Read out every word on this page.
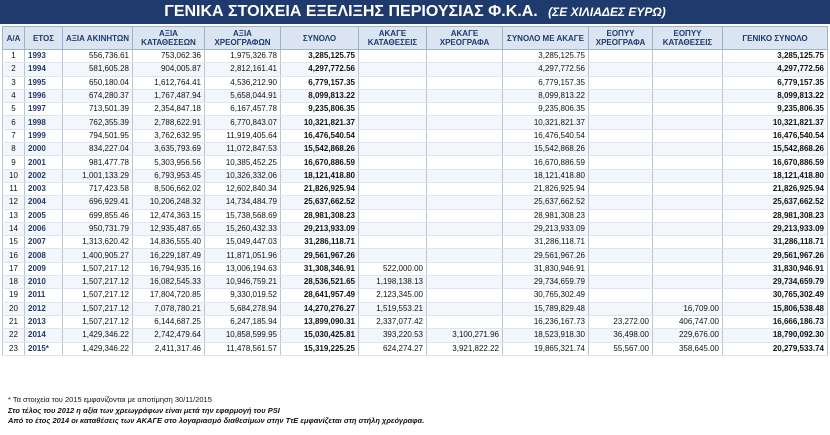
ΓΕΝΙΚΑ ΣΤΟΙΧΕΙΑ ΕΞΕΛΙΞΗΣ ΠΕΡΙΟΥΣΙΑΣ Φ.Κ.Α. (ΣΕ ΧΙΛΙΑΔΕΣ ΕΥΡΩ)
Α/Α	ΕΤΟΣ	ΑΞΙΑ ΑΚΙΝΗΤΩΝ	ΑΞΙΑ ΚΑΤΑΘΕΣΕΩΝ	ΑΞΙΑ ΧΡΕΟΓΡΑΦΩΝ	ΣΥΝΟΛΟ	ΑΚΑΓΕ ΚΑΤΑΘΕΣΕΙΣ	ΑΚΑΓΕ ΧΡΕΟΓΡΑΦΑ	ΣΥΝΟΛΟ ΜΕ ΑΚΑΓΕ	ΕΟΠΥΥ ΧΡΕΟΓΡΑΦΑ	ΕΟΠΥΥ ΚΑΤΑΘΕΣΕΙΣ	ΓΕΝΙΚΟ ΣΥΝΟΛΟ
1	1993	556,736.61	753,062.36	1,975,326.78	3,285,125.75			3,285,125.75			3,285,125.75
2	1994	581,605.28	904,005.87	2,812,161.41	4,297,772.56			4,297,772.56			4,297,772.56
3	1995	650,180.04	1,612,764.41	4,536,212.90	6,779,157.35			6,779,157.35			6,779,157.35
4	1996	674,280.37	1,767,487.94	5,658,044.91	8,099,813.22			8,099,813.22			8,099,813.22
5	1997	713,501.39	2,354,847.18	6,167,457.78	9,235,806.35			9,235,806.35			9,235,806.35
6	1998	762,355.39	2,788,622.91	6,770,843.07	10,321,821.37			10,321,821.37			10,321,821.37
7	1999	794,501.95	3,762,632.95	11,919,405.64	16,476,540.54			16,476,540.54			16,476,540.54
8	2000	834,227.04	3,635,793.69	11,072,847.53	15,542,868.26			15,542,868.26			15,542,868.26
9	2001	981,477.78	5,303,956.56	10,385,452.25	16,670,886.59			16,670,886.59			16,670,886.59
10	2002	1,001,133.29	6,793,953.45	10,326,332.06	18,121,418.80			18,121,418.80			18,121,418.80
11	2003	717,423.58	8,506,662.02	12,602,840.34	21,826,925.94			21,826,925.94			21,826,925.94
12	2004	696,929.41	10,206,248.32	14,734,484.79	25,637,662.52			25,637,662.52			25,637,662.52
13	2005	699,855.46	12,474,363.15	15,738,568.69	28,981,308.23			28,981,308.23			28,981,308.23
14	2006	950,731.79	12,935,487.65	15,260,432.33	29,213,933.09			29,213,933.09			29,213,933.09
15	2007	1,313,620.42	14,836,555.40	15,049,447.03	31,286,118.71			31,286,118.71			31,286,118.71
16	2008	1,400,905.27	16,229,187.49	11,871,051.96	29,561,967.26			29,561,967.26			29,561,967.26
17	2009	1,507,217.12	16,794,935.16	13,006,194.63	31,308,346.91	522,000.00		31,830,946.91			31,830,946.91
18	2010	1,507,217.12	16,082,545.33	10,946,759.21	28,536,521.65	1,198,138.13		29,734,659.79			29,734,659.79
19	2011	1,507,217.12	17,804,720.85	9,330,019.52	28,641,957.49	2,123,345.00		30,765,302.49			30,765,302.49
20	2012	1,507,217.12	7,078,780.21	5,684,278.94	14,270,276.27	1,519,553.21		15,789,829.48		16,709.00	15,806,538.48
21	2013	1,507,217.12	6,144,687.25	6,247,185.94	13,899,090.31	2,337,077.42		16,236,167.73	23,272.00	406,747.00	16,666,186.73
22	2014	1,429,346.22	2,742,479.64	10,858,599.95	15,030,425.81	393,220.53	3,100,271.96	18,523,918.30	36,498.00	229,676.00	18,790,092.30
23	2015*	1,429,346.22	2,411,317.46	11,478,561.57	15,319,225.25	624,274.27	3,921,822.22	19,865,321.74	55,567.00	358,645.00	20,279,533.74
* Τα στοιχεία του 2015 εμφανίζονται με αποτίμηση 30/11/2015
Στο τέλος του 2012 η αξία των χρεωγράφων είναι μετά την εφαρμογή του PSI
Από το έτος 2014 οι καταθέσεις των ΑΚΑΓΕ στο λογαριασμό διαθεσίμων στην ΤτΕ εμφανίζεται στη στήλη χρεόγραφα.
